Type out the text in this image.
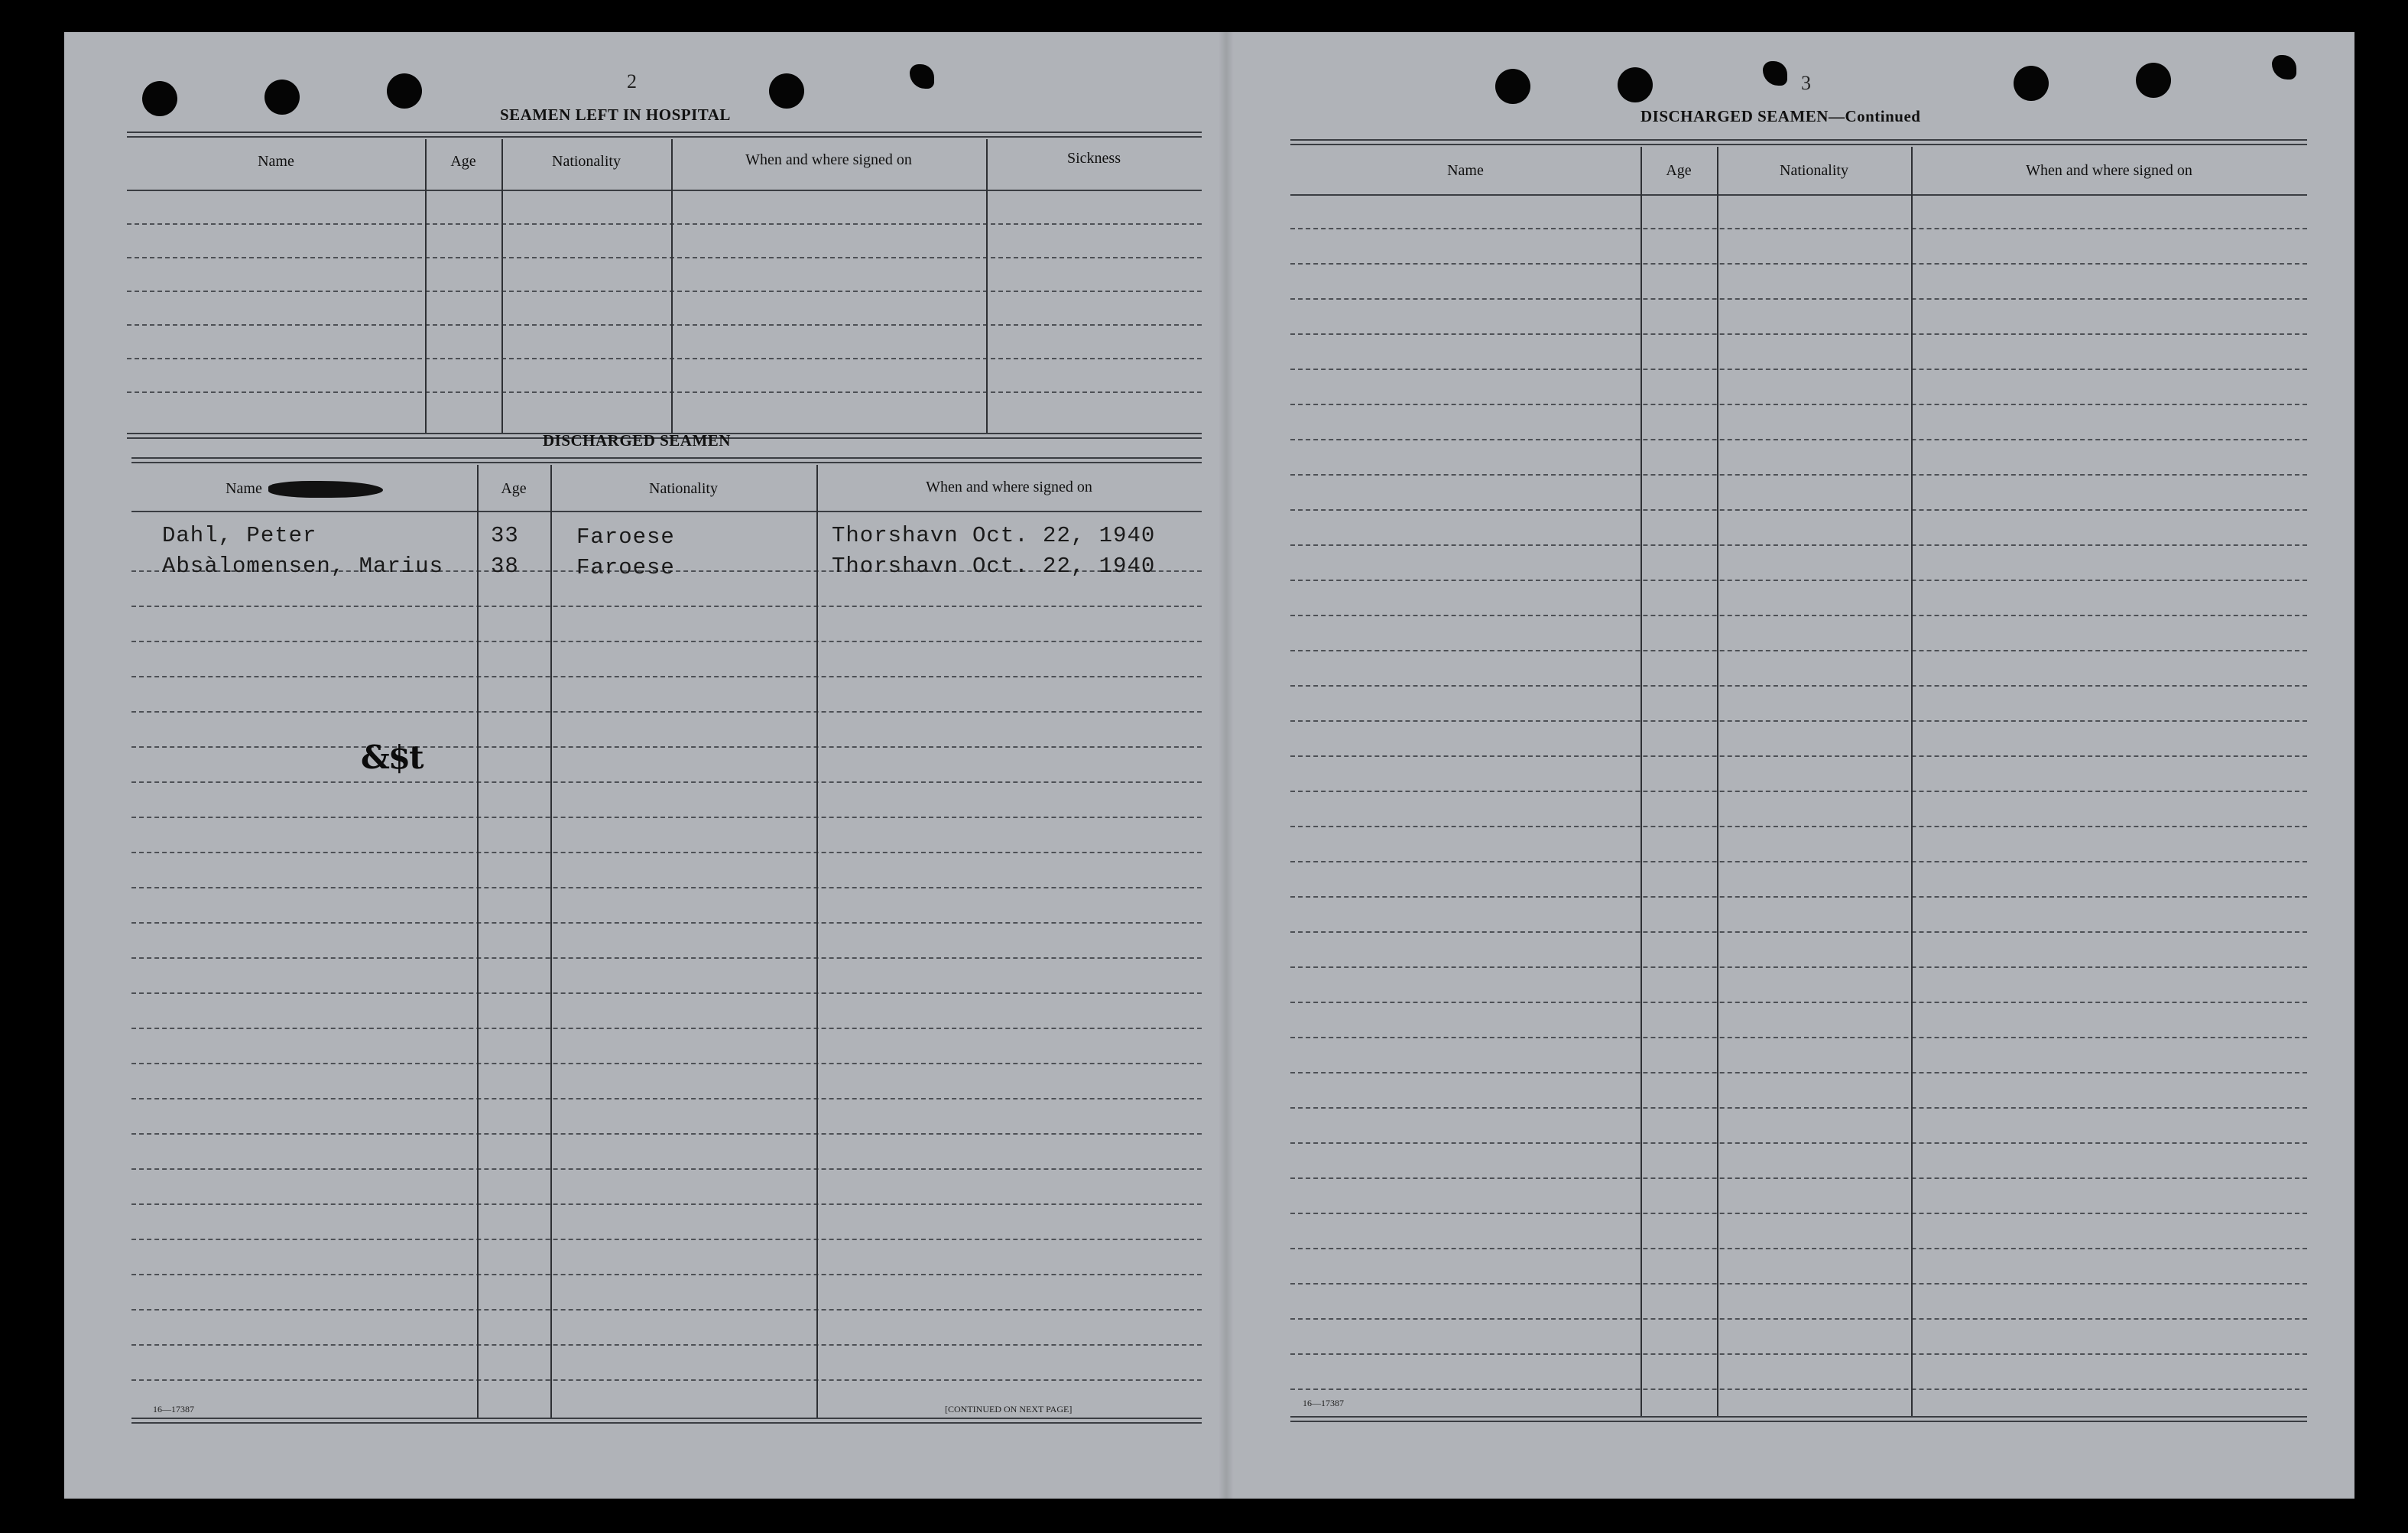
2
SEAMEN LEFT IN HOSPITAL
Name	Age	Nationality	When and where signed on	Sickness
DISCHARGED SEAMEN
Name	Age	Nationality	When and where signed on
Dahl, Peter	33	Faroese	Thorshavn Oct. 22, 1940
Absàlomensen, Marius 38	Faroese	Thorshavn Oct. 22, 1940
&$t
16—17387	[CONTINUED ON NEXT PAGE]
3
DISCHARGED SEAMEN—Continued
Name	Age	Nationality	When and where signed on
16—17387
